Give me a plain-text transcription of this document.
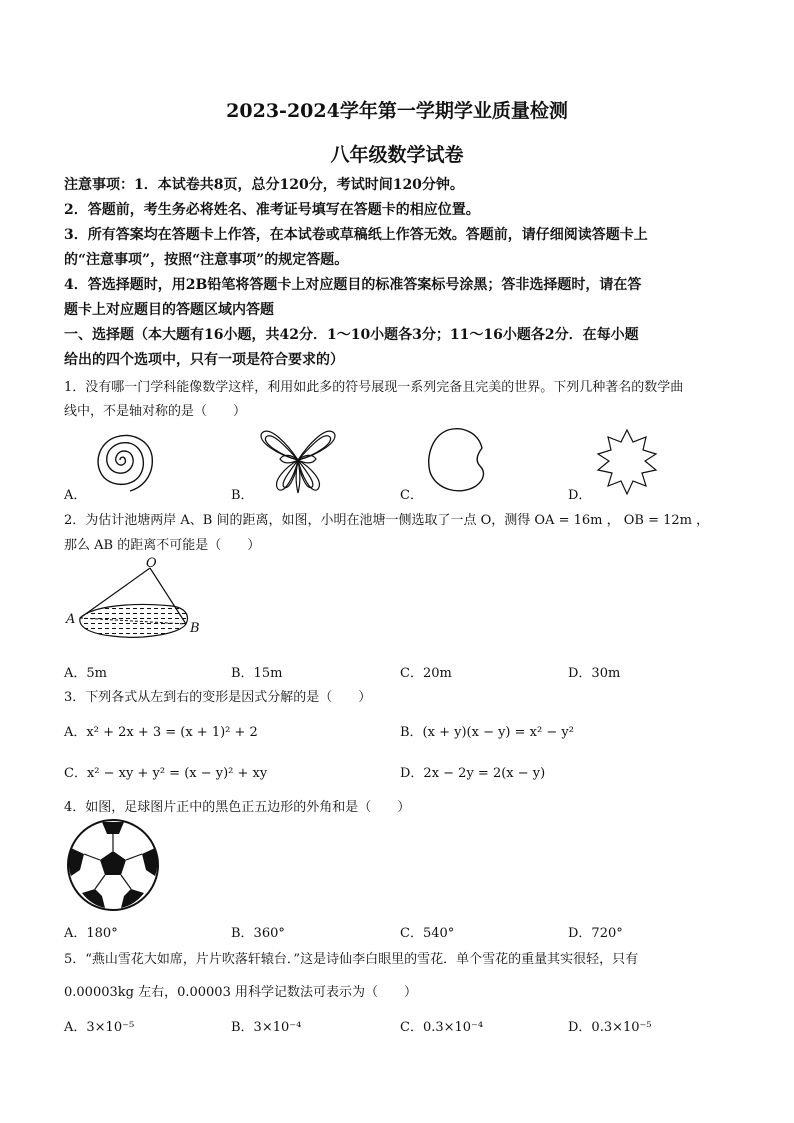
2023-2024学年第一学期学业质量检测
八年级数学试卷
注意事项：1．本试卷共8页，总分120分，考试时间120分钟。
2．答题前，考生务必将姓名、准考证号填写在答题卡的相应位置。
3．所有答案均在答题卡上作答，在本试卷或草稿纸上作答无效。答题前，请仔细阅读答题卡上
的“注意事项”，按照“注意事项”的规定答题。
4．答选择题时，用2B铅笔将答题卡上对应题目的标准答案标号涂黑；答非选择题时，请在答
题卡上对应题目的答题区域内答题
一、选择题（本大题有16小题，共42分．1～10小题各3分；11～16小题各2分．在每小题
给出的四个选项中，只有一项是符合要求的）
1．没有哪一门学科能像数学这样，利用如此多的符号展现一系列完备且完美的世界。下列几种著名的数学曲
线中，不是轴对称的是（　　）
A．	B．	C．	D．
2．为估计池塘两岸 A、B 间的距离，如图，小明在池塘一侧选取了一点 O，测得 OA = 16m ， OB = 12m ，
那么 AB 的距离不可能是（　　）
O
A
B
A．5m	B．15m	C．20m	D．30m
3．下列各式从左到右的变形是因式分解的是（　　）
A．x² + 2x + 3 = (x + 1)² + 2	B．(x + y)(x − y) = x² − y²
C．x² − xy + y² = (x − y)² + xy	D．2x − 2y = 2(x − y)
4．如图，足球图片正中的黑色正五边形的外角和是（　　）
A．180°	B．360°	C．540°	D．720°
5．“燕山雪花大如席，片片吹落轩辕台．”这是诗仙李白眼里的雪花．单个雪花的重量其实很轻，只有
0.00003kg 左右，0.00003 用科学记数法可表示为（　　）
A．3×10⁻⁵	B．3×10⁻⁴	C．0.3×10⁻⁴	D．0.3×10⁻⁵
